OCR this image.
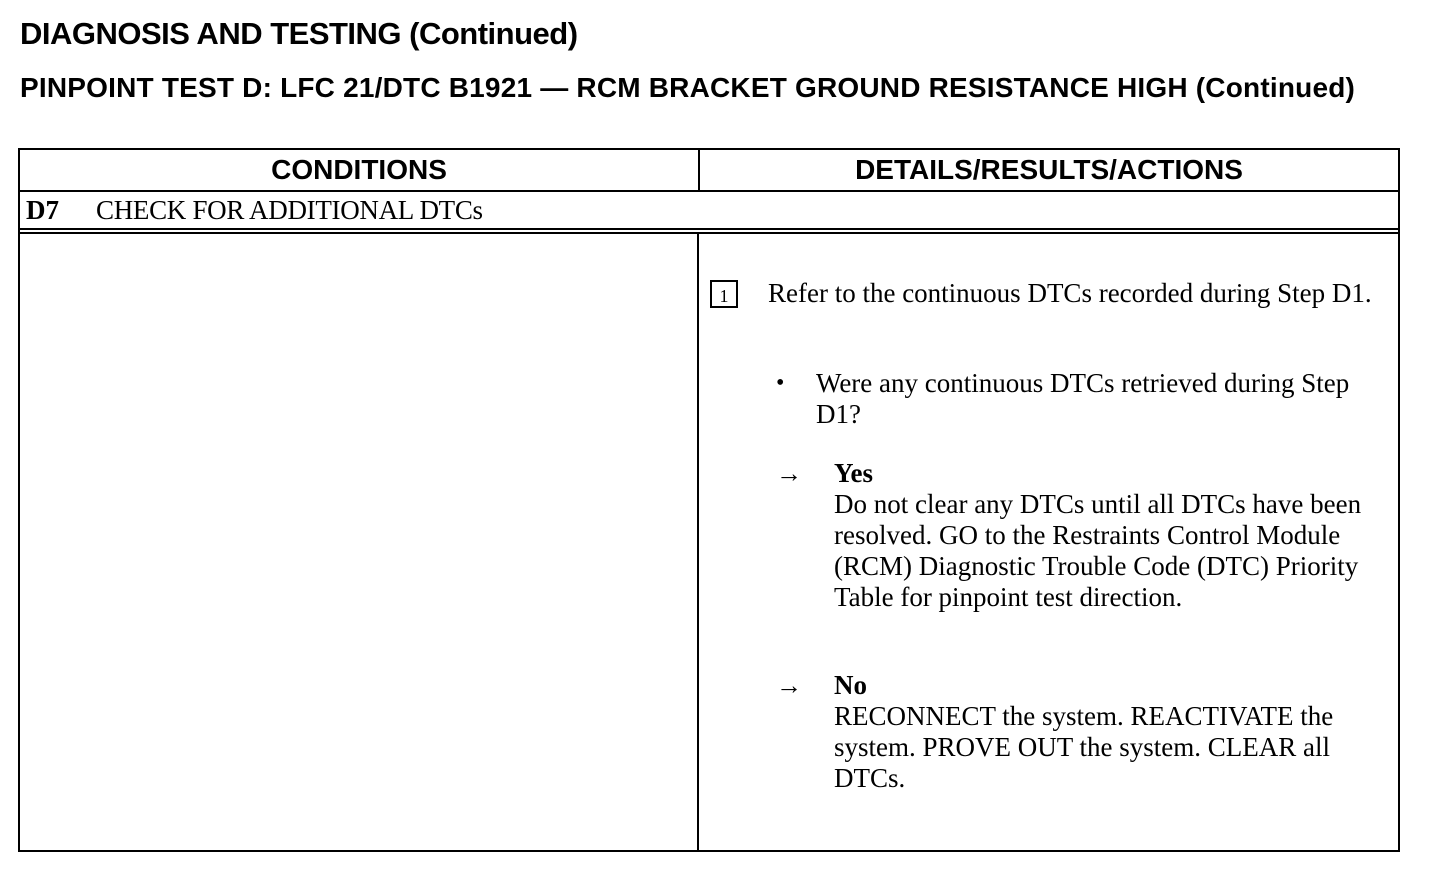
DIAGNOSIS AND TESTING (Continued)
PINPOINT TEST D: LFC 21/DTC B1921 — RCM BRACKET GROUND RESISTANCE HIGH (Continued)
CONDITIONS	DETAILS/RESULTS/ACTIONS
D7	CHECK FOR ADDITIONAL DTCs
1	Refer to the continuous DTCs recorded during Step D1.
• Were any continuous DTCs retrieved during Step D1?
→ Yes
Do not clear any DTCs until all DTCs have been resolved. GO to the Restraints Control Module (RCM) Diagnostic Trouble Code (DTC) Priority Table for pinpoint test direction.
→ No
RECONNECT the system. REACTIVATE the system. PROVE OUT the system. CLEAR all DTCs.
